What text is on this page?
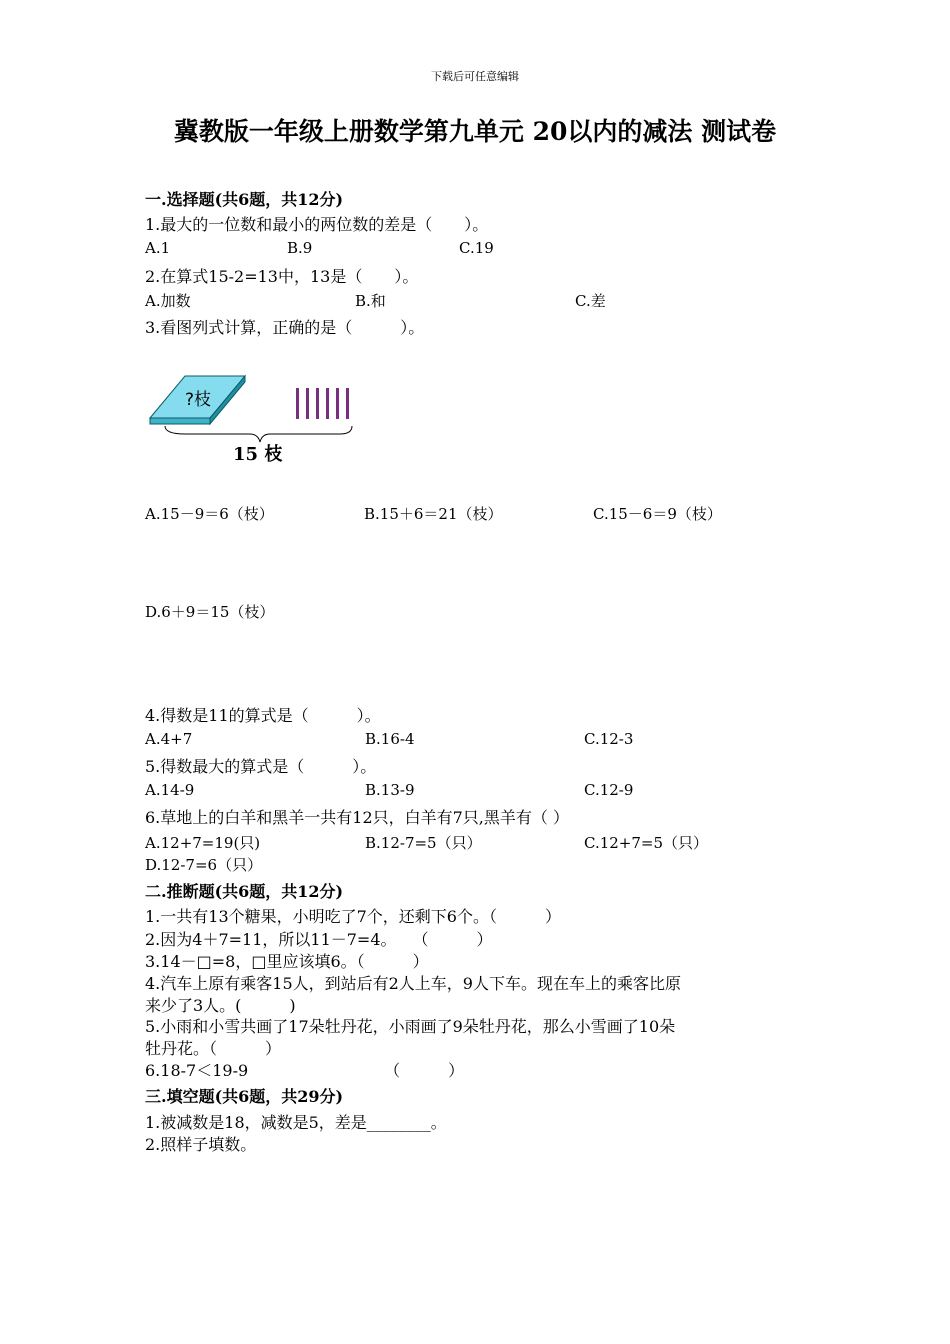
下载后可任意编辑
冀教版一年级上册数学第九单元 20以内的减法 测试卷
一.选择题(共6题，共12分)
1.最大的一位数和最小的两位数的差是（　　）。
A.1	B.9	C.19
2.在算式15-2=13中，13是（　　）。
A.加数	B.和	C.差
3.看图列式计算，正确的是（　　　）。
?枝
15 枝
A.15－9＝6（枝）	B.15＋6＝21（枝）	C.15－6＝9（枝）
D.6＋9＝15（枝）
4.得数是11的算式是（　　　）。
A.4+7	B.16-4	C.12-3
5.得数最大的算式是（　　　）。
A.14-9	B.13-9	C.12-9
6.草地上的白羊和黑羊一共有12只，白羊有7只,黑羊有（ ）
A.12+7=19(只)	B.12-7=5（只）	C.12+7=5（只）
D.12-7=6（只）
二.推断题(共6题，共12分)
1.一共有13个糖果，小明吃了7个，还剩下6个。（　　　）
2.因为4＋7=11，所以11－7=4。　　（　　　）
3.14－□=8，□里应该填6。（　　　）
4.汽车上原有乘客15人，到站后有2人上车，9人下车。现在车上的乘客比原
来少了3人。(　　　)
5.小雨和小雪共画了17朵牡丹花，小雨画了9朵牡丹花，那么小雪画了10朵
牡丹花。（　　　）
6.18-7＜19-9　　　　　　　　　（　　　）
三.填空题(共6题，共29分)
1.被减数是18，减数是5，差是________。
2.照样子填数。
